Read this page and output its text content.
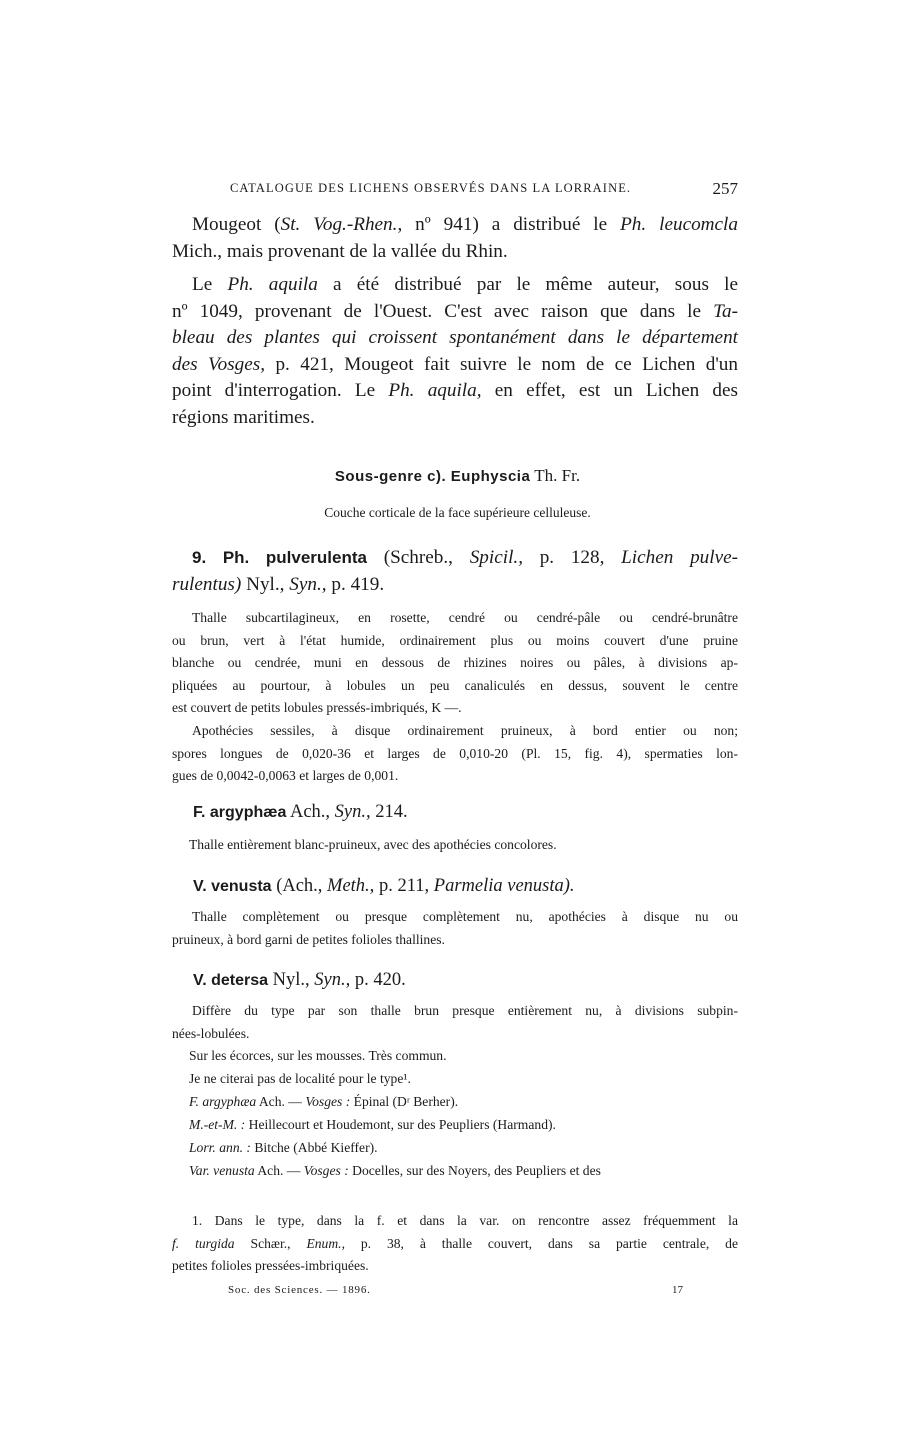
CATALOGUE DES LICHENS OBSERVÉS DANS LA LORRAINE.	257

Mougeot (St. Vog.-Rhen., nº 941) a distribué le Ph. leucomcla
Mich., mais provenant de la vallée du Rhin.

Le Ph. aquila a été distribué par le même auteur, sous le
nº 1049, provenant de l'Ouest. C'est avec raison que dans le Ta-
bleau des plantes qui croissent spontanément dans le département
des Vosges, p. 421, Mougeot fait suivre le nom de ce Lichen d'un
point d'interrogation. Le Ph. aquila, en effet, est un Lichen des
régions maritimes.

Sous-genre c). Euphyscia Th. Fr.
Couche corticale de la face supérieure celluleuse.

9. Ph. pulverulenta (Schreb., Spicil., p. 128, Lichen pulve-
rulentus) Nyl., Syn., p. 419.

Thalle subcartilagineux, en rosette, cendré ou cendré-pâle ou cendré-brunâtre
ou brun, vert à l'état humide, ordinairement plus ou moins couvert d'une pruine
blanche ou cendrée, muni en dessous de rhizines noires ou pâles, à divisions ap-
pliquées au pourtour, à lobules un peu canaliculés en dessus, souvent le centre
est couvert de petits lobules pressés-imbriqués, K —.
Apothécies sessiles, à disque ordinairement pruineux, à bord entier ou non;
spores longues de 0,020-36 et larges de 0,010-20 (Pl. 15, fig. 4), spermaties lon-
gues de 0,0042-0,0063 et larges de 0,001.

F. argyphæa Ach., Syn., 214.

Thalle entièrement blanc-pruineux, avec des apothécies concolores.

V. venusta (Ach., Meth., p. 211, Parmelia venusta).

Thalle complètement ou presque complètement nu, apothécies à disque nu ou
pruineux, à bord garni de petites folioles thallines.

V. detersa Nyl., Syn., p. 420.

Diffère du type par son thalle brun presque entièrement nu, à divisions subpin-
nées-lobulées.

Sur les écorces, sur les mousses. Très commun.

Je ne citerai pas de localité pour le type¹.

F. argyphæa Ach. — Vosges : Épinal (Dʳ Berher).

M.-et-M. : Heillecourt et Houdemont, sur des Peupliers (Harmand).

Lorr. ann. : Bitche (Abbé Kieffer).

Var. venusta Ach. — Vosges : Docelles, sur des Noyers, des Peupliers et des

1. Dans le type, dans la f. et dans la var. on rencontre assez fréquemment la
f. turgida Schær., Enum., p. 38, à thalle couvert, dans sa partie centrale, de
petites folioles pressées-imbriquées.

Soc. des Sciences. — 1896.	17
